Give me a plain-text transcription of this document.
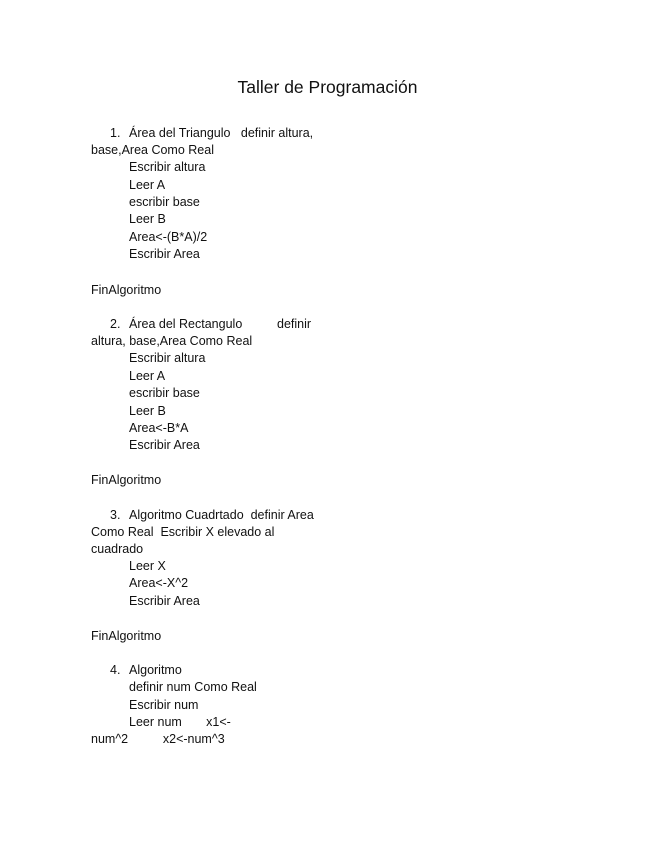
Taller de Programación
1. Área del Triangulo   definir altura,
base,Area Como Real
Escribir altura
Leer A
escribir base
Leer B
Area<-(B*A)/2
Escribir Area
FinAlgoritmo
2. Área del Rectangulo          definir
altura, base,Area Como Real
Escribir altura
Leer A
escribir base
Leer B
Area<-B*A
Escribir Area
FinAlgoritmo
3. Algoritmo Cuadrtado  definir Area
Como Real  Escribir X elevado al
cuadrado
Leer X
Area<-X^2
Escribir Area
FinAlgoritmo
4. Algoritmo
definir num Como Real
Escribir num
Leer num       x1<-
num^2          x2<-num^3
